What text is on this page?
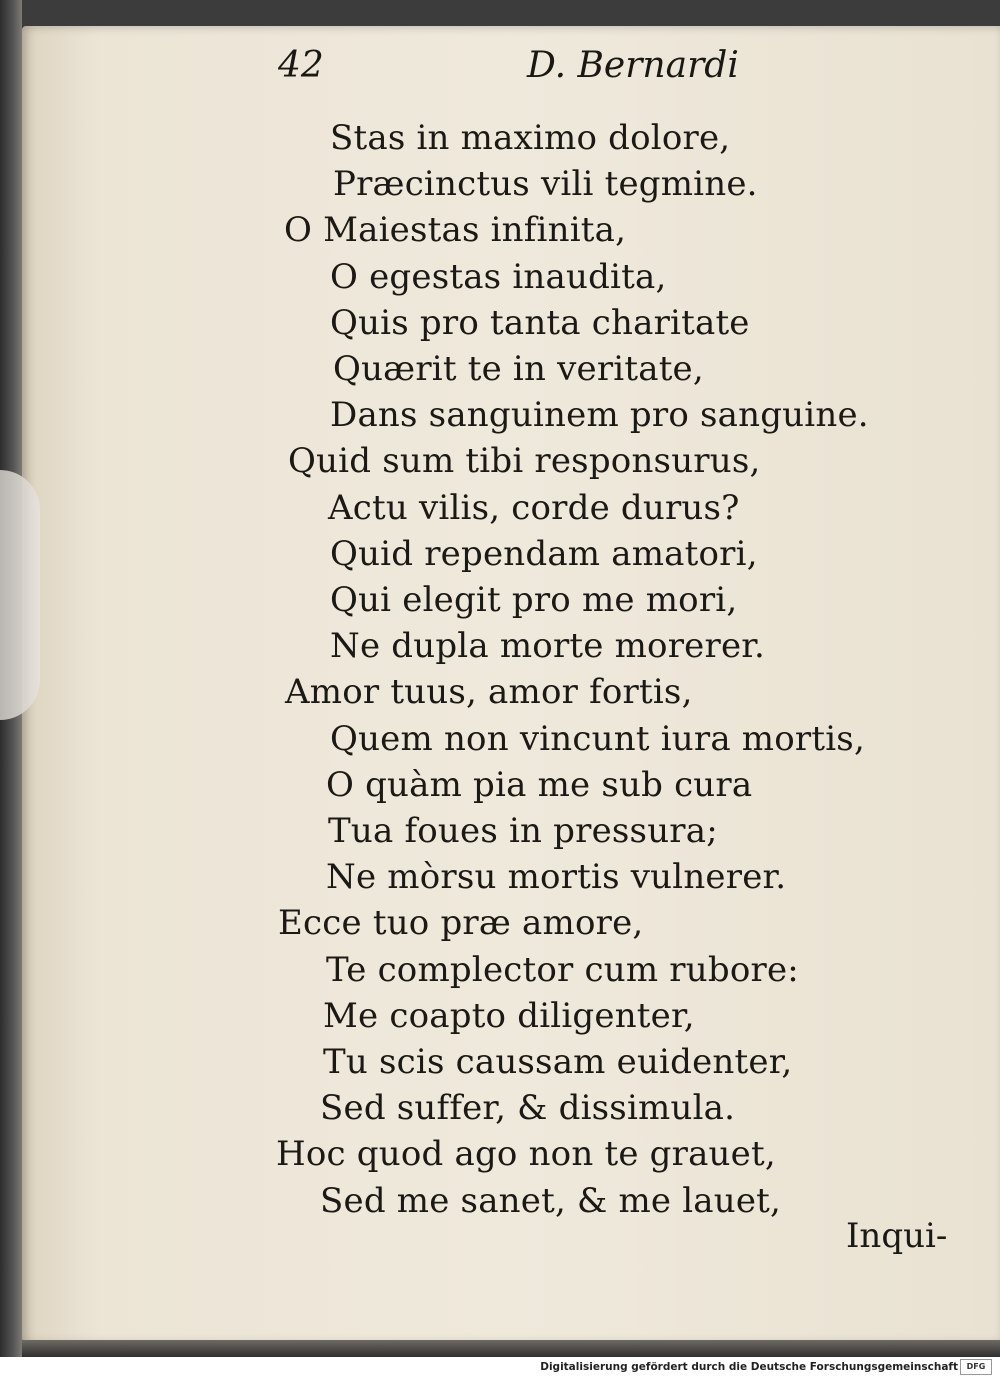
42	D. Bernardi
Stas in maximo dolore,
Præcinctus vili tegmine.
O Maiestas infinita,
O egestas inaudita,
Quis pro tanta charitate
Quærit te in veritate,
Dans sanguinem pro sanguine.
Quid sum tibi responsurus,
Actu vilis, corde durus?
Quid rependam amatori,
Qui elegit pro me mori,
Ne dupla morte morerer.
Amor tuus, amor fortis,
Quem non vincunt iura mortis,
O quàm pia me sub cura
Tua foues in pressura;
Ne mòrsu mortis vulnerer.
Ecce tuo præ amore,
Te complector cum rubore:
Me coapto diligenter,
Tu scis caussam euidenter,
Sed suffer, & dissimula.
Hoc quod ago non te grauet,
Sed me sanet, & me lauet,
Inqui-
Digitalisierung gefördert durch die Deutsche Forschungsgemeinschaft	DFG
